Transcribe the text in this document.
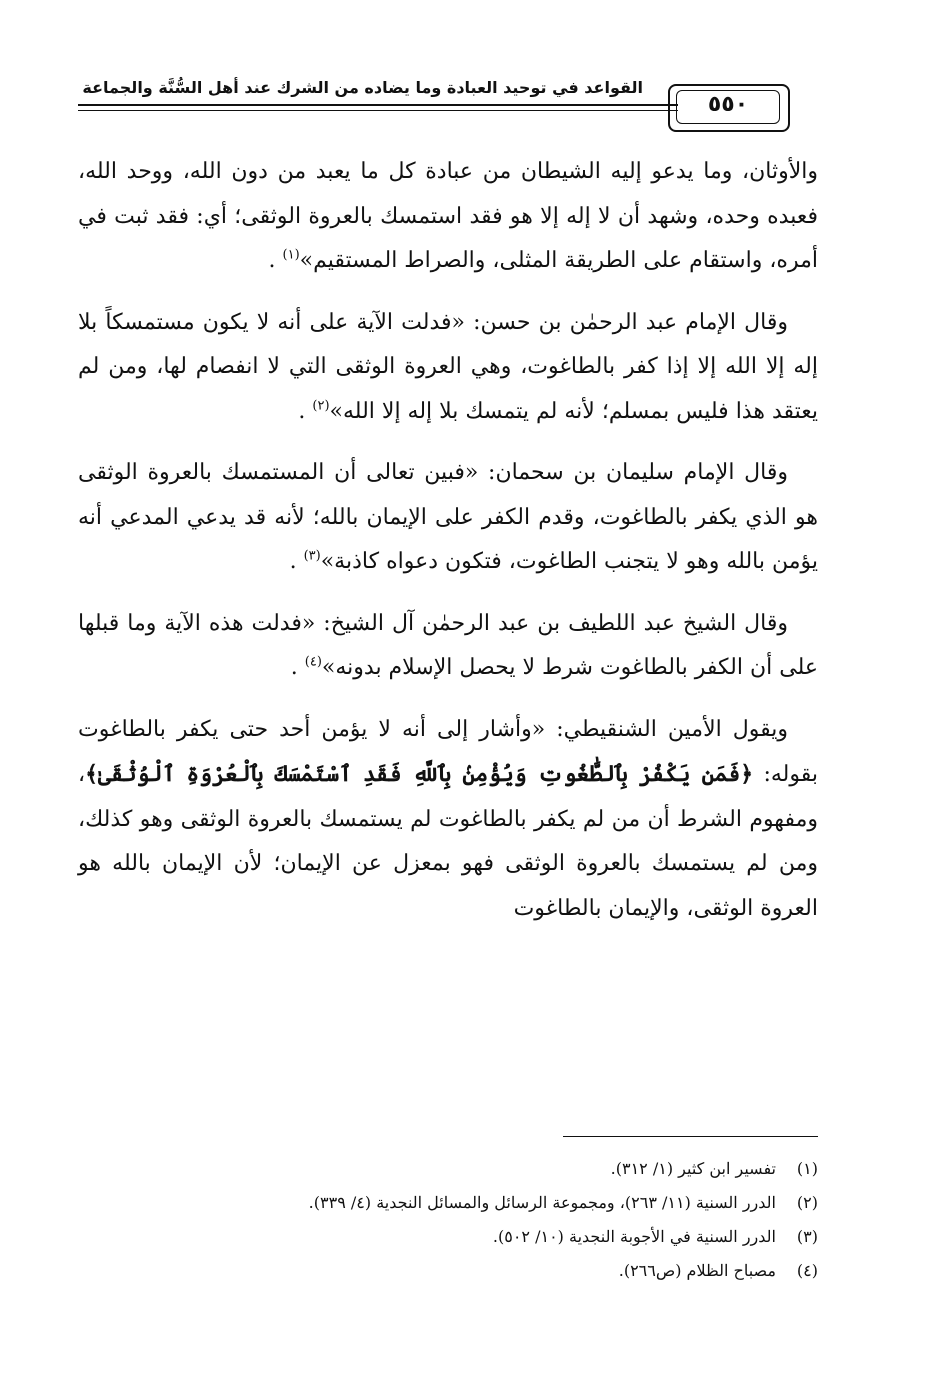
القواعد في توحيد العبادة وما يضاده من الشرك عند أهل السُّنَّة والجماعة
٥٥٠

والأوثان، وما يدعو إليه الشيطان من عبادة كل ما يعبد من دون الله، ووحد الله، فعبده وحده، وشهد أن لا إله إلا هو فقد استمسك بالعروة الوثقى؛ أي: فقد ثبت في أمره، واستقام على الطريقة المثلى، والصراط المستقيم»$^{(١)}$ .

وقال الإمام عبد الرحمٰن بن حسن: «فدلت الآية على أنه لا يكون مستمسكاً بلا إله إلا الله إلا إذا كفر بالطاغوت، وهي العروة الوثقى التي لا انفصام لها، ومن لم يعتقد هذا فليس بمسلم؛ لأنه لم يتمسك بلا إله إلا الله»$^{(٢)}$ .

وقال الإمام سليمان بن سحمان: «فبين تعالى أن المستمسك بالعروة الوثقى هو الذي يكفر بالطاغوت، وقدم الكفر على الإيمان بالله؛ لأنه قد يدعي المدعي أنه يؤمن بالله وهو لا يتجنب الطاغوت، فتكون دعواه كاذبة»$^{(٣)}$ .

وقال الشيخ عبد اللطيف بن عبد الرحمٰن آل الشيخ: «فدلت هذه الآية وما قبلها على أن الكفر بالطاغوت شرط لا يحصل الإسلام بدونه»$^{(٤)}$ .

ويقول الأمين الشنقيطي: «وأشار إلى أنه لا يؤمن أحد حتى يكفر بالطاغوت بقوله: ﴿فَمَن يَكْفُرْ بِٱلطَّٰغُوتِ وَيُؤْمِنۢ بِٱللَّهِ فَقَدِ ٱسْتَمْسَكَ بِٱلْعُرْوَةِ ٱلْوُثْقَىٰ﴾، ومفهوم الشرط أن من لم يكفر بالطاغوت لم يستمسك بالعروة الوثقى وهو كذلك، ومن لم يستمسك بالعروة الوثقى فهو بمعزل عن الإيمان؛ لأن الإيمان بالله هو العروة الوثقى، والإيمان بالطاغوت

(١)تفسير ابن كثير (١/ ٣١٢).

(٢)الدرر السنية (١١/ ٢٦٣)، ومجموعة الرسائل والمسائل النجدية (٤/ ٣٣٩).

(٣)الدرر السنية في الأجوبة النجدية (١٠/ ٥٠٢).

(٤)مصباح الظلام (ص٢٦٦).
